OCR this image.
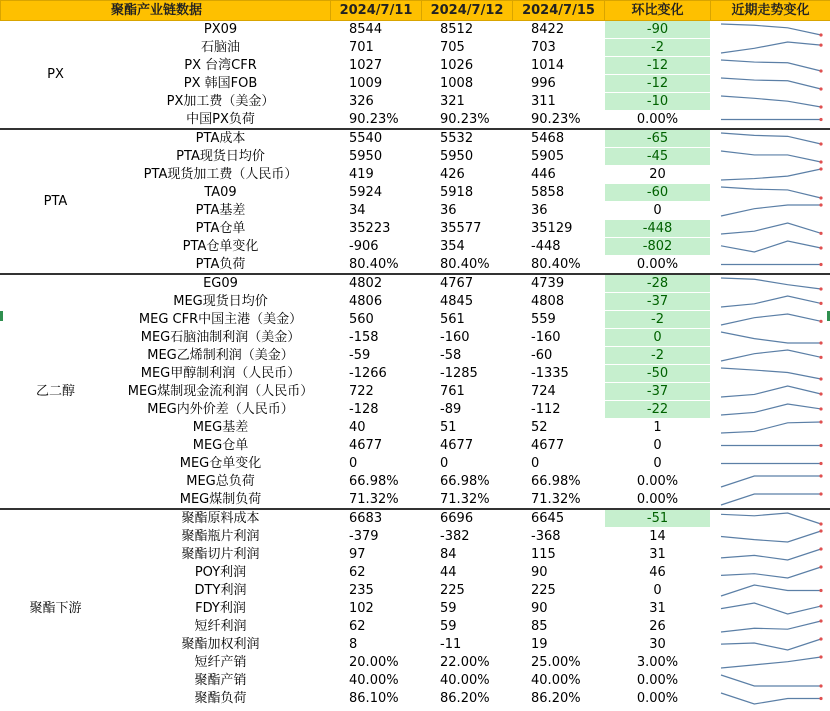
聚酯产业链数据		2024/7/11	2024/7/12	2024/7/15	环比变化	近期走势变化
PX	PX09	8544	8512	8422	-90	

	石脑油	701	705	703	-2	

	PX 台湾CFR	1027	1026	1014	-12	

	PX 韩国FOB	1009	1008	996	-12	

	PX加工费（美金）	326	321	311	-10	

	中国PX负荷	90.23%	90.23%	90.23%	0.00%	

PTA	PTA成本	5540	5532	5468	-65	

	PTA现货日均价	5950	5950	5905	-45	

	PTA现货加工费（人民币）	419	426	446	20	

	TA09	5924	5918	5858	-60	

	PTA基差	34	36	36	0	

	PTA仓单	35223	35577	35129	-448	

	PTA仓单变化	-906	354	-448	-802	

	PTA负荷	80.40%	80.40%	80.40%	0.00%	

乙二醇	EG09	4802	4767	4739	-28	

	MEG现货日均价	4806	4845	4808	-37	

	MEG CFR中国主港（美金）	560	561	559	-2	

	MEG石脑油制利润（美金）	-158	-160	-160	0	

	MEG乙烯制利润（美金）	-59	-58	-60	-2	

	MEG甲醇制利润（人民币）	-1266	-1285	-1335	-50	

	MEG煤制现金流利润（人民币）	722	761	724	-37	

	MEG内外价差（人民币）	-128	-89	-112	-22	

	MEG基差	40	51	52	1	

	MEG仓单	4677	4677	4677	0	

	MEG仓单变化	0	0	0	0	

	MEG总负荷	66.98%	66.98%	66.98%	0.00%	

	MEG煤制负荷	71.32%	71.32%	71.32%	0.00%	

聚酯下游	聚酯原料成本	6683	6696	6645	-51	

	聚酯瓶片利润	-379	-382	-368	14	

	聚酯切片利润	97	84	115	31	

	POY利润	62	44	90	46	

	DTY利润	235	225	225	0	

	FDY利润	102	59	90	31	

	短纤利润	62	59	85	26	

	聚酯加权利润	8	-11	19	30	

	短纤产销	20.00%	22.00%	25.00%	3.00%	

	聚酯产销	40.00%	40.00%	40.00%	0.00%	

	聚酯负荷	86.10%	86.20%	86.20%	0.00%	
